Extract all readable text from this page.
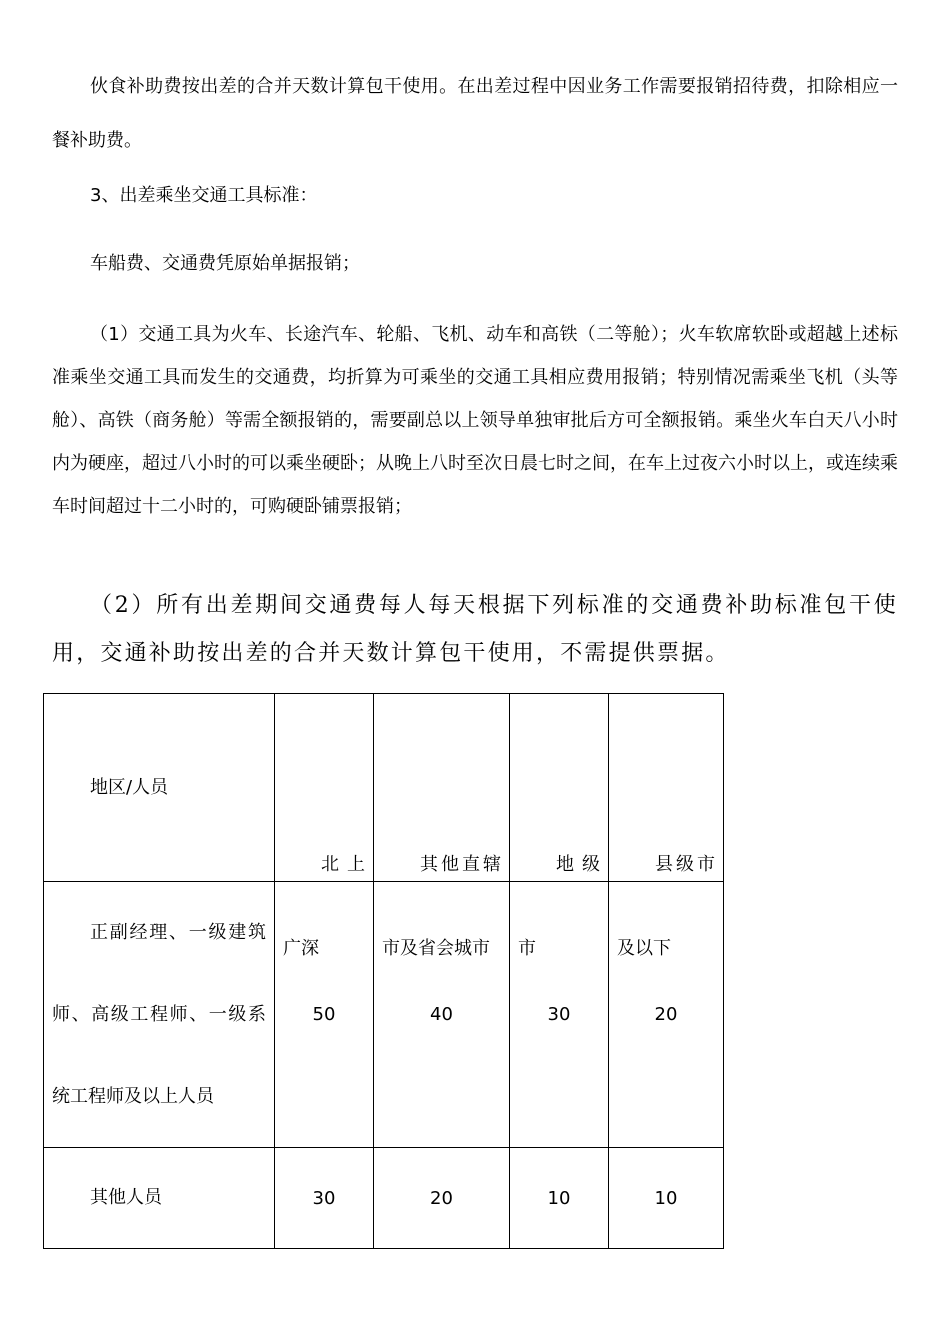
伙食补助费按出差的合并天数计算包干使用。在出差过程中因业务工作需要报销招待费，扣除相应一餐补助费。

3、出差乘坐交通工具标准：

车船费、交通费凭原始单据报销；

（1）交通工具为火车、长途汽车、轮船、飞机、动车和高铁（二等舱）；火车软席软卧或超越上述标准乘坐交通工具而发生的交通费，均折算为可乘坐的交通工具相应费用报销；特别情况需乘坐飞机（头等舱）、高铁（商务舱）等需全额报销的，需要副总以上领导单独审批后方可全额报销。乘坐火车白天八小时内为硬座，超过八小时的可以乘坐硬卧；从晚上八时至次日晨七时之间，在车上过夜六小时以上，或连续乘车时间超过十二小时的，可购硬卧铺票报销；

（2）所有出差期间交通费每人每天根据下列标准的交通费补助标准包干使用，交通补助按出差的合并天数计算包干使用，不需提供票据。

地区/人员	北上广深	其他直辖市及省会城市	地级市	县级市及以下

正副经理、一级建筑师、高级工程师、一级系统工程师及以上人员	50	40	30	20

其他人员	30	20	10	10
